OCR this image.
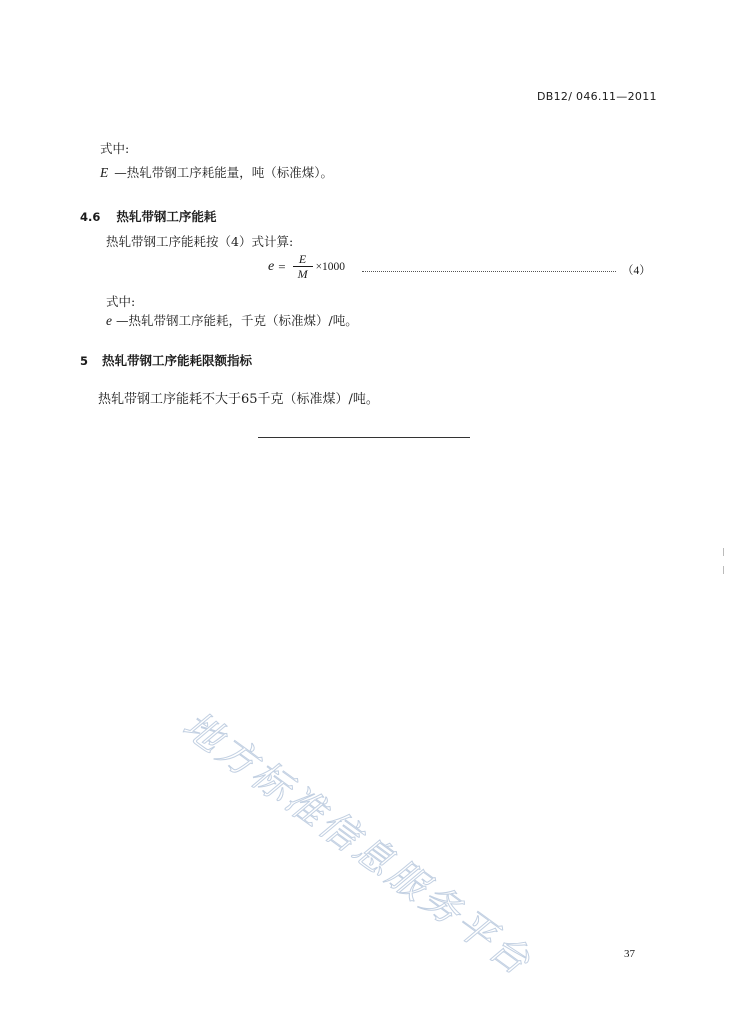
DB12/ 046.11—2011
式中:
E —热轧带钢工序耗能量，吨（标准煤）。
4.6 热轧带钢工序能耗
热轧带钢工序能耗按（4）式计算:
$e = \frac{E}{M} \times 1000$	（4）
式中:
e —热轧带钢工序能耗，千克（标准煤）/吨。
5 热轧带钢工序能耗限额指标
热轧带钢工序能耗不大于65千克（标准煤）/吨。
地方标准信息服务平台	37
